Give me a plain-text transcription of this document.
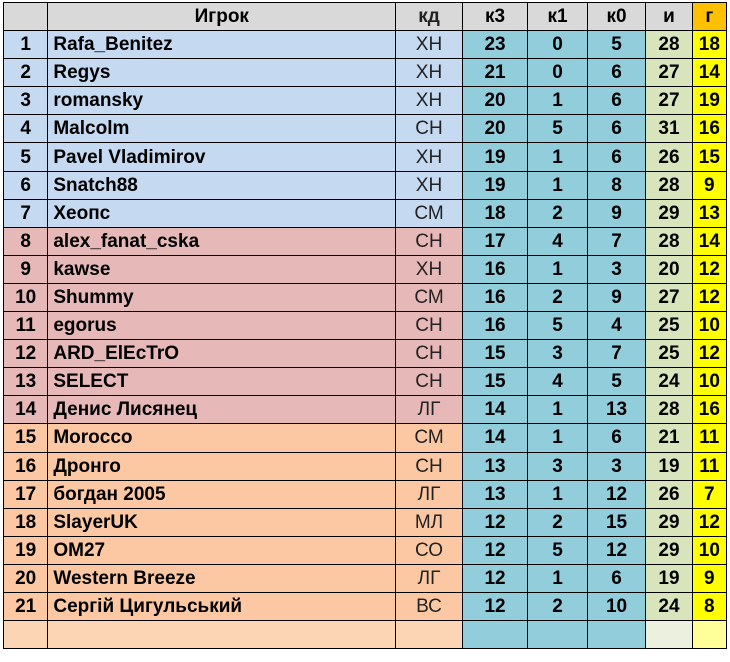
	Игрок	кд	к3	к1	к0	и	г
1	Rafa_Benitez	ХН	23	0	5	28	18
2	Regys	ХН	21	0	6	27	14
3	romansky	ХН	20	1	6	27	19
4	Malcolm	СН	20	5	6	31	16
5	Pavel Vladimirov	ХН	19	1	6	26	15
6	Snatch88	ХН	19	1	8	28	9
7	Хеопс	СМ	18	2	9	29	13
8	alex_fanat_cska	СН	17	4	7	28	14
9	kawse	ХН	16	1	3	20	12
10	Shummy	СМ	16	2	9	27	12
11	egorus	СН	16	5	4	25	10
12	ARD_ElEcTrO	СН	15	3	7	25	12
13	SELECT	СН	15	4	5	24	10
14	Денис Лисянец	ЛГ	14	1	13	28	16
15	Morocco	СМ	14	1	6	21	11
16	Дронго	СН	13	3	3	19	11
17	богдан 2005	ЛГ	13	1	12	26	7
18	SlayerUK	МЛ	12	2	15	29	12
19	OM27	СО	12	5	12	29	10
20	Western Breeze	ЛГ	12	1	6	19	9
21	Сергій Цигульський	ВС	12	2	10	24	8
